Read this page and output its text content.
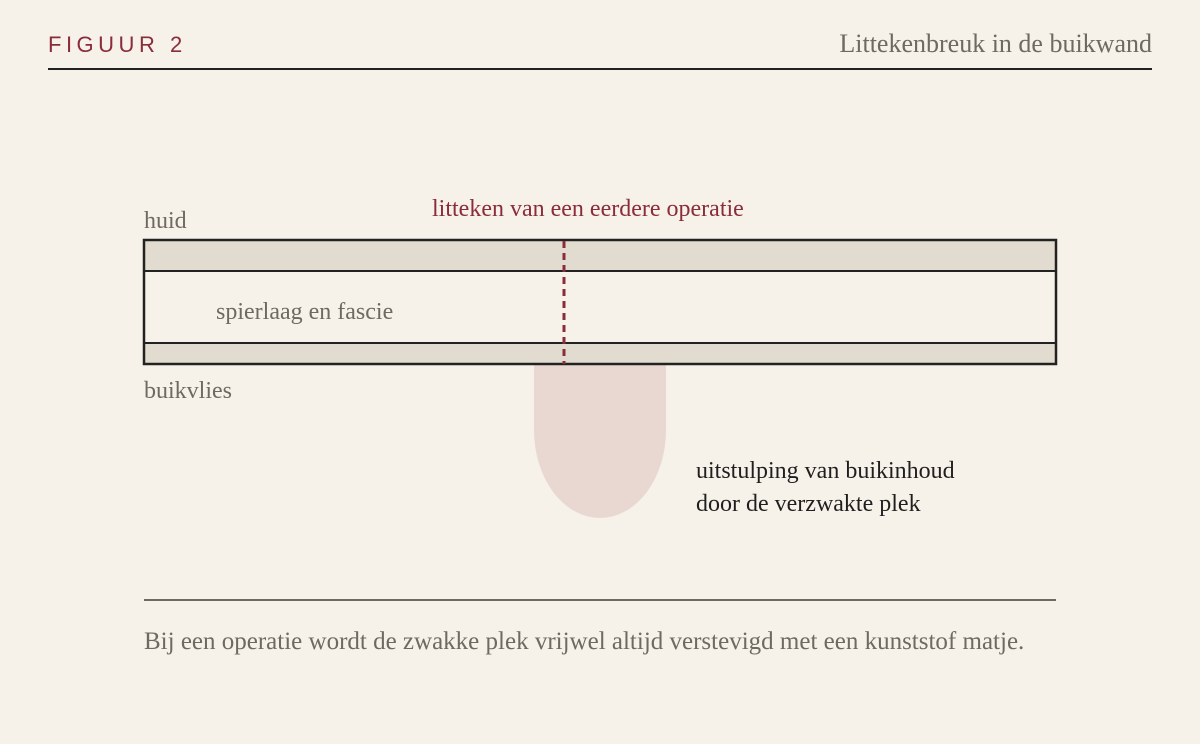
FIGUUR 2	Littekenbreuk in de buikwand
huid	litteken van een eerdere operatie
spierlaag en fascie
buikvlies
uitstulping van buikinhoud
door de verzwakte plek
Bij een operatie wordt de zwakke plek vrijwel altijd verstevigd met een kunststof matje.
